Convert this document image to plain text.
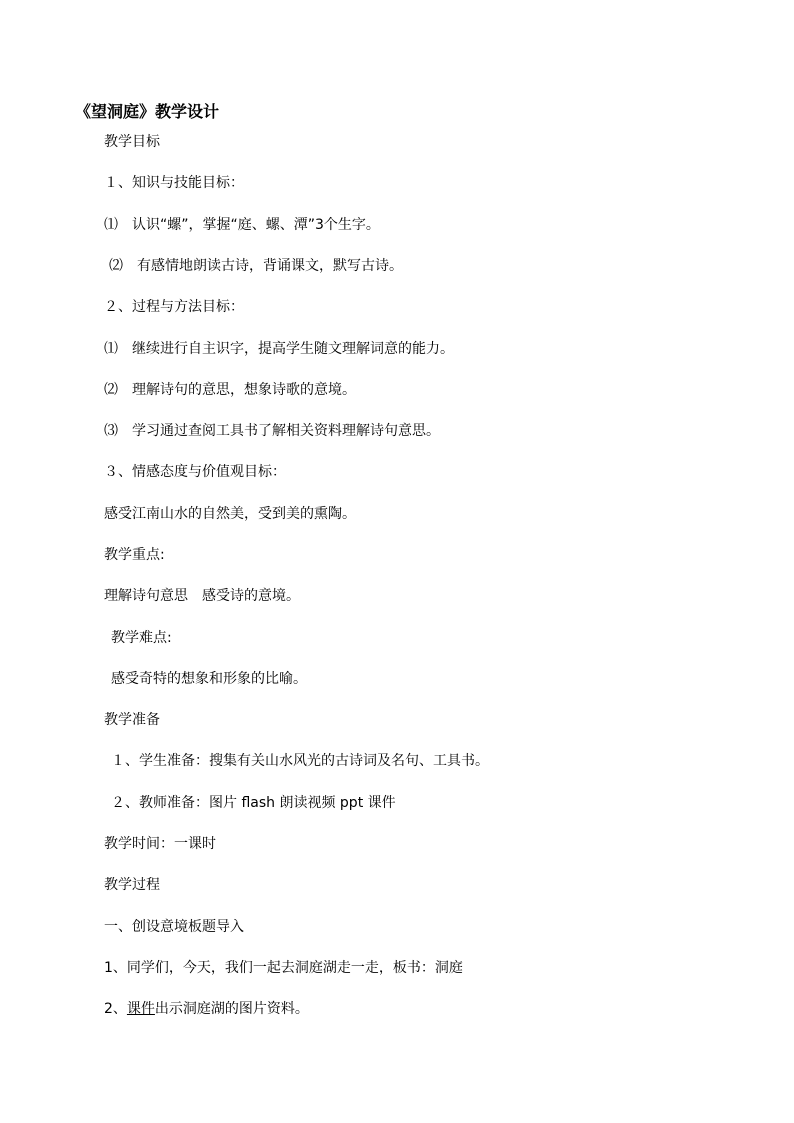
《望洞庭》教学设计
教学目标
１、知识与技能目标：
⑴　认识“螺”，掌握“庭、螺、潭”3个生字。
⑵　有感情地朗读古诗，背诵课文，默写古诗。
２、过程与方法目标：
⑴　继续进行自主识字，提高学生随文理解词意的能力。
⑵　理解诗句的意思，想象诗歌的意境。
⑶　学习通过查阅工具书了解相关资料理解诗句意思。
３、情感态度与价值观目标：
感受江南山水的自然美，受到美的熏陶。
教学重点:
理解诗句意思　感受诗的意境。
教学难点:
感受奇特的想象和形象的比喻。
教学准备
１、学生准备：搜集有关山水风光的古诗词及名句、工具书。
２、教师准备：图片 flash 朗读视频 ppt 课件
教学时间：一课时
教学过程
一、创设意境板题导入
1、同学们，今天，我们一起去洞庭湖走一走，板书：洞庭
2、课件出示洞庭湖的图片资料。
